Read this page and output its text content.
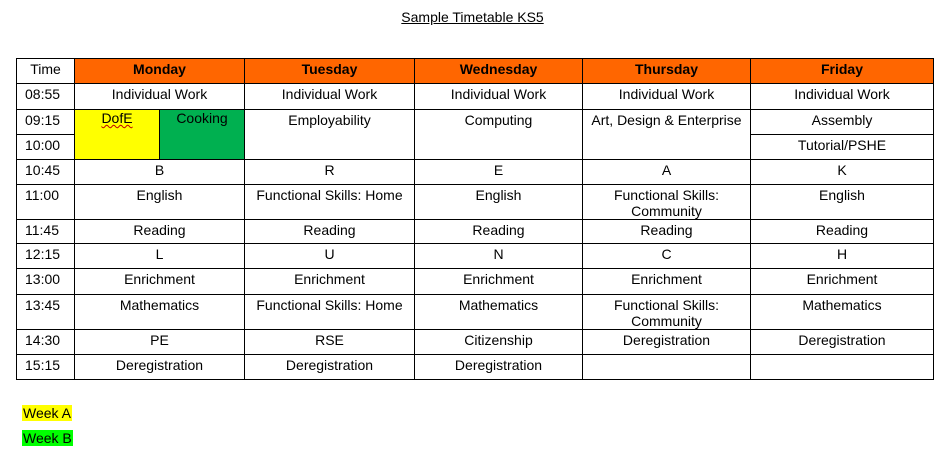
Sample Timetable KS5
Time	Monday		Tuesday	Wednesday	Thursday	Friday
08:55	Individual Work		Individual Work	Individual Work	Individual Work	Individual Work
09:15	DofE	Cooking	Employability	Computing	Art, Design & Enterprise	Assembly
10:00						Tutorial/PSHE
10:45	B		R	E	A	K
11:00	English		Functional Skills: Home	English	Functional Skills: Community	English
11:45	Reading		Reading	Reading	Reading	Reading
12:15	L		U	N	C	H
13:00	Enrichment		Enrichment	Enrichment	Enrichment	Enrichment
13:45	Mathematics		Functional Skills: Home	Mathematics	Functional Skills: Community	Mathematics
14:30	PE		RSE	Citizenship	Deregistration	Deregistration
15:15	Deregistration		Deregistration	Deregistration		
Week A
Week B
